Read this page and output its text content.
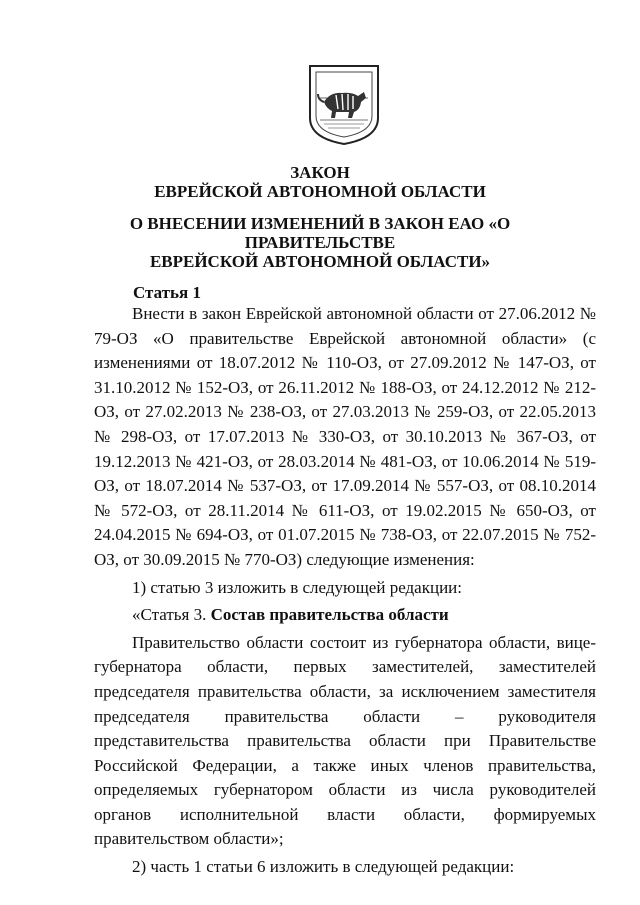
ЗАКОН
ЕВРЕЙСКОЙ АВТОНОМНОЙ ОБЛАСТИ
О ВНЕСЕНИИ ИЗМЕНЕНИЙ В ЗАКОН ЕАО «О ПРАВИТЕЛЬСТВЕ
ЕВРЕЙСКОЙ АВТОНОМНОЙ ОБЛАСТИ»
Статья 1

Внести в закон Еврейской автономной области от 27.06.2012 № 79-ОЗ «О правительстве Еврейской автономной области» (с изменениями от 18.07.2012 № 110-ОЗ, от 27.09.2012 № 147-ОЗ, от 31.10.2012 № 152-ОЗ, от 26.11.2012 № 188-ОЗ, от 24.12.2012 № 212-ОЗ, от 27.02.2013 № 238-ОЗ, от 27.03.2013 № 259-ОЗ, от 22.05.2013 № 298-ОЗ, от 17.07.2013 № 330-ОЗ, от 30.10.2013 № 367-ОЗ, от 19.12.2013 № 421-ОЗ, от 28.03.2014 № 481-ОЗ, от 10.06.2014 № 519-ОЗ, от 18.07.2014 № 537-ОЗ, от 17.09.2014 № 557-ОЗ, от 08.10.2014 № 572-ОЗ, от 28.11.2014 № 611-ОЗ, от 19.02.2015 № 650-ОЗ, от 24.04.2015 № 694-ОЗ, от 01.07.2015 № 738-ОЗ, от 22.07.2015 № 752-ОЗ, от 30.09.2015 № 770-ОЗ) следующие изменения:

1) статью 3 изложить в следующей редакции:

«Статья 3. Состав правительства области

Правительство области состоит из губернатора области, вице-губернатора области, первых заместителей, заместителей председателя правительства области, за исключением заместителя председателя правительства области – руководителя представительства правительства области при Правительстве Российской Федерации, а также иных членов правительства, определяемых губернатором области из числа руководителей органов исполнительной власти области, формируемых правительством области»;

2) часть 1 статьи 6 изложить в следующей редакции:
